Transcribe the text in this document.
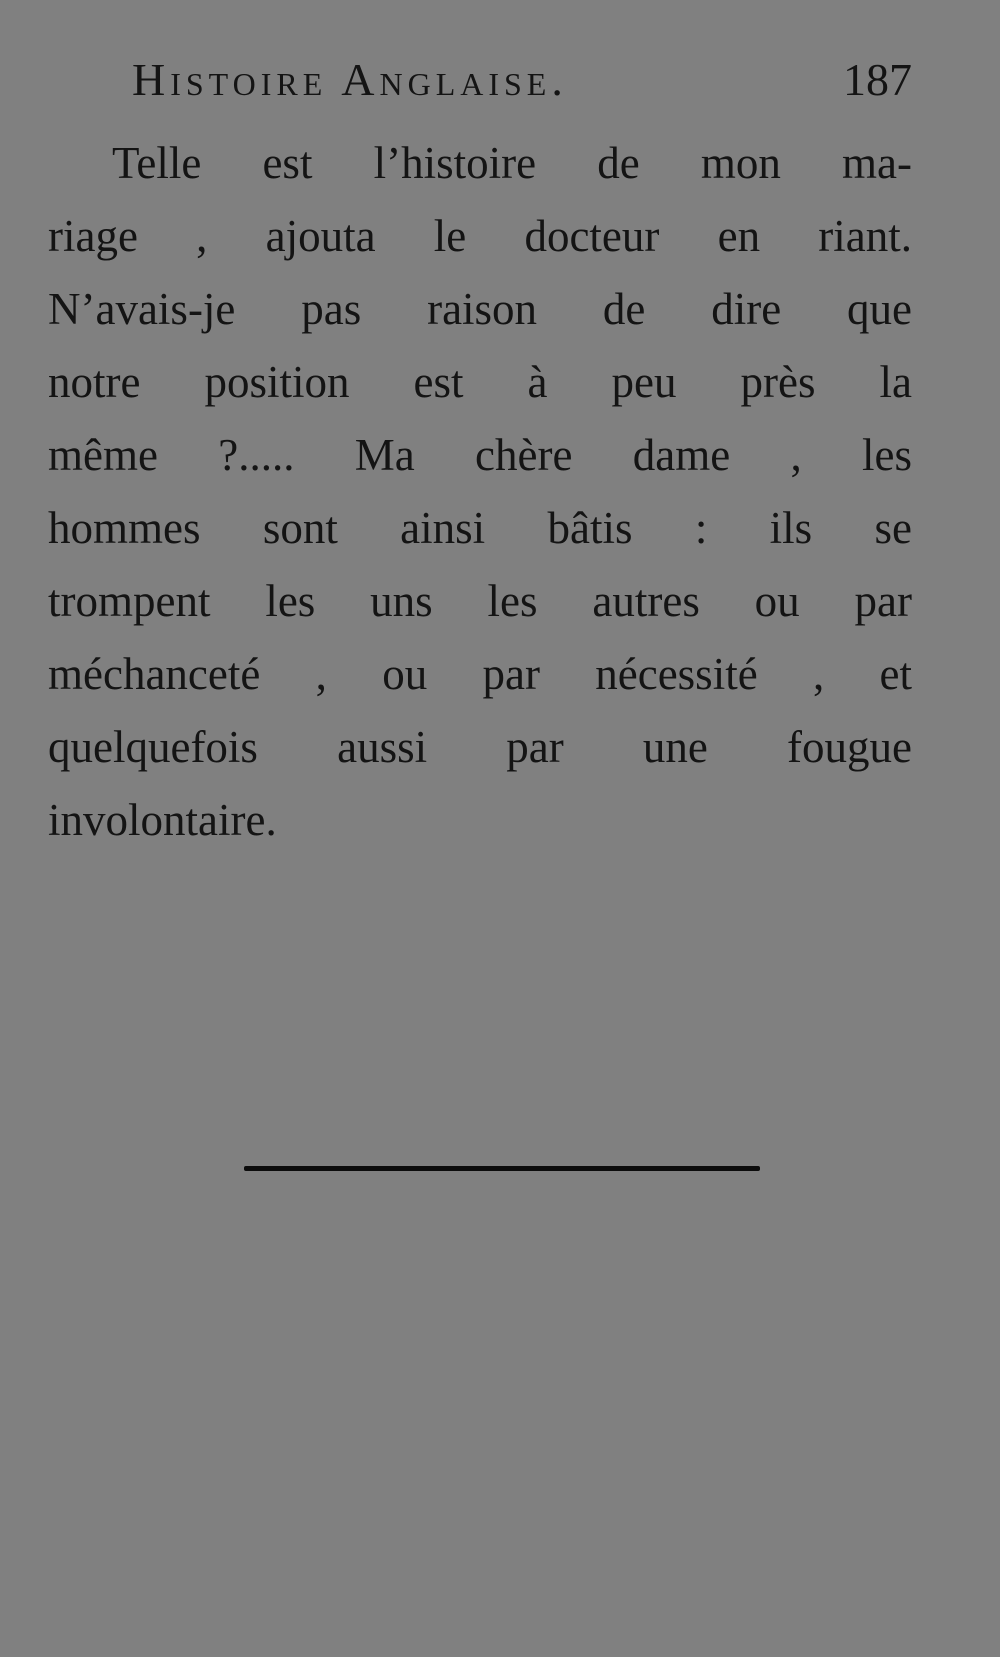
Histoire Anglaise.	187

Telle est l’histoire de mon ma-
riage , ajouta le docteur en riant.
N’avais-je pas raison de dire que
notre position est à peu près la
même ?..... Ma chère dame , les
hommes sont ainsi bâtis : ils se
trompent les uns les autres ou par
méchanceté , ou par nécessité , et
quelquefois aussi par une fougue
involontaire.
